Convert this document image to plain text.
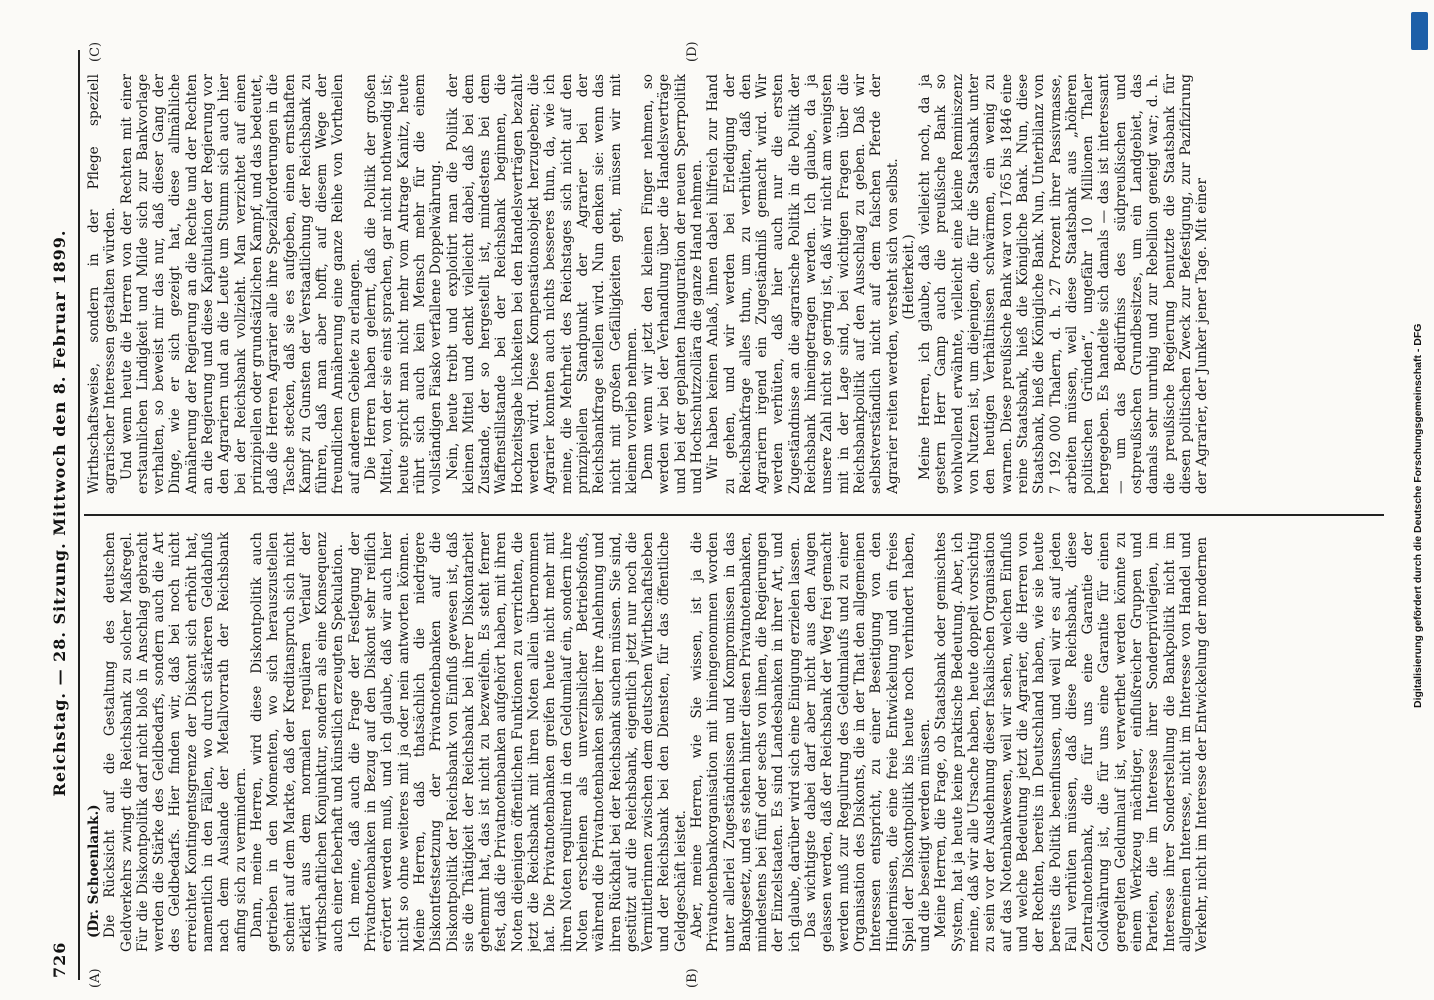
726
Reichstag. — 28. Sitzung. Mittwoch den 8. Februar 1899.
(A)	(B)
(C)	(D)

(Dr. Schoenlank.) Die Rücksicht auf die Gestaltung des deutschen Geldverkehrs zwingt die Reichsbank zu solcher Maßregel. Für die Diskontpolitik darf nicht bloß in Anschlag gebracht werden die Stärke des Geldbedarfs, sondern auch die Art des Geldbedarfs. Hier finden wir, daß bei noch nicht erreichter Kontingentsgrenze der Diskont sich erhöht hat, namentlich in den Fällen, wo durch stärkeren Geldabfluß nach dem Auslande der Metallvorrath der Reichsbank anfing sich zu vermindern. Dann, meine Herren, wird diese Diskontpolitik auch getrieben in den Momenten, wo sich herauszustellen scheint auf dem Markte, daß der Kreditanspruch sich nicht erklärt aus dem normalen regulären Verlauf der wirthschaftlichen Konjunktur, sondern als eine Konsequenz auch einer fieberhaft und künstlich erzeugten Spekulation. Ich meine, daß auch die Frage der Festlegung der Privatnotenbanken in Bezug auf den Diskont sehr reiflich erörtert werden muß, und ich glaube, daß wir auch hier nicht so ohne weiteres mit ja oder nein antworten können. Meine Herren, daß thatsächlich die niedrigere Diskontfestsetzung der Privatnotenbanken auf die Diskontpolitik der Reichsbank von Einfluß gewesen ist, daß sie die Thätigkeit der Reichsbank bei ihrer Diskontarbeit gehemmt hat, das ist nicht zu bezweifeln. Es steht ferner fest, daß die Privatnotenbanken aufgehört haben, mit ihren Noten diejenigen öffentlichen Funktionen zu verrichten, die jetzt die Reichsbank mit ihren Noten allein übernommen hat. Die Privatnotenbanken greifen heute nicht mehr mit ihren Noten regulirend in den Geldumlauf ein, sondern ihre Noten erscheinen als unverzinslicher Betriebsfonds, während die Privatnotenbanken selber ihre Anlehnung und ihren Rückhalt bei der Reichsbank suchen müssen. Sie sind, gestützt auf die Reichsbank, eigentlich jetzt nur noch die Vermittlerinnen zwischen dem deutschen Wirthschaftsleben und der Reichsbank bei den Diensten, für das öffentliche Geldgeschäft leistet. Aber, meine Herren, wie Sie wissen, ist ja die Privatnotenbankorganisation mit hineingenommen worden unter allerlei Zugeständnissen und Kompromissen in das Bankgesetz, und es stehen hinter diesen Privatnotenbanken, mindestens bei fünf oder sechs von ihnen, die Regierungen der Einzelstaaten. Es sind Landesbanken in ihrer Art, und ich glaube, darüber wird sich eine Einigung erzielen lassen. Das wichtigste dabei darf aber nicht aus den Augen gelassen werden, daß der Reichsbank der Weg frei gemacht werden muß zur Regulirung des Geldumlaufs und zu einer Organisation des Diskonts, die in der That den allgemeinen Interessen entspricht, zu einer Beseitigung von den Hindernissen, die eine freie Entwickelung und ein freies Spiel der Diskontpolitik bis heute noch verhindert haben, und die beseitigt werden müssen. Meine Herren, die Frage, ob Staatsbank oder gemischtes System, hat ja heute keine praktische Bedeutung. Aber, ich meine, daß wir alle Ursache haben, heute doppelt vorsichtig zu sein vor der Ausdehnung dieser fiskalischen Organisation auf das Notenbankwesen, weil wir sehen, welchen Einfluß und welche Bedeutung jetzt die Agrarier, die Herren von der Rechten, bereits in Deutschland haben, wie sie heute bereits die Politik beeinflussen, und weil wir es auf jeden Fall verhüten müssen, daß diese Reichsbank, diese Zentralnotenbank, die für uns eine Garantie der Goldwährung ist, die für uns eine Garantie für einen geregelten Geldumlauf ist, verwerthet werden könnte zu einem Werkzeug mächtiger, einflußreicher Gruppen und Parteien, die im Interesse ihrer Sonderprivilegien, im Interesse ihrer Sonderstellung die Bankpolitik nicht im allgemeinen Interesse, nicht im Interesse von Handel und Verkehr, nicht im Interesse der Entwickelung der modernen

Wirthschaftsweise, sondern in der Pflege speziell agrarischer Interessen gestalten würden. Und wenn heute die Herren von der Rechten mit einer erstaunlichen Lindigkeit und Milde sich zur Bankvorlage verhalten, so beweist mir das nur, daß dieser Gang der Dinge, wie er sich gezeigt hat, diese allmähliche Annäherung der Regierung an die Rechte und der Rechten an die Regierung und diese Kapitulation der Regierung vor den Agrariern und an die Leute um Stumm sich auch hier bei der Reichsbank vollzieht. Man verzichtet auf einen prinzipiellen oder grundsätzlichen Kampf, und das bedeutet, daß die Herren Agrarier alle ihre Spezialforderungen in die Tasche stecken, daß sie es aufgeben, einen ernsthaften Kampf zu Gunsten der Verstaatlichung der Reichsbank zu führen, daß man aber hofft, auf diesem Wege der freundlichen Annäherung eine ganze Reihe von Vortheilen auf anderem Gebiete zu erlangen. Die Herren haben gelernt, daß die Politik der großen Mittel, von der sie einst sprachen, gar nicht nothwendig ist; heute spricht man nicht mehr vom Antrage Kanitz, heute rührt sich auch kein Mensch mehr für die einem vollständigen Fiasko verfallene Doppelwährung. Nein, heute treibt und exploitirt man die Politik der kleinen Mittel und denkt vielleicht dabei, daß bei dem Zustande, der so hergestellt ist, mindestens bei dem Waffenstillstande bei der Reichsbank beginnen, die Hochzeitsgabe lichkeiten bei den Handelsverträgen bezahlt werden wird. Diese Kompensationsobjekt herzugeben; die Agrarier konnten auch nichts besseres thun, da, wie ich meine, die Mehrheit des Reichstages sich nicht auf den prinzipiellen Standpunkt der Agrarier bei der Reichsbankfrage stellen wird. Nun denken sie: wenn das nicht mit großen Gefälligkeiten geht, müssen wir mit kleinen vorlieb nehmen. Denn wenn wir jetzt den kleinen Finger nehmen, so werden wir bei der Verhandlung über die Handelsverträge und bei der geplanten Inauguration der neuen Sperrpolitik und Hochschutzzollära die ganze Hand nehmen. Wir haben keinen Anlaß, ihnen dabei hilfreich zur Hand zu gehen, und wir werden bei Erledigung der Reichsbankfrage alles thun, um zu verhüten, daß den Agrariern irgend ein Zugeständniß gemacht wird. Wir werden verhüten, daß hier auch nur die ersten Zugeständnisse an die agrarische Politik in die Politik der Reichsbank hineingetragen werden. Ich glaube, da ja unsere Zahl nicht so gering ist, daß wir nicht am wenigsten mit in der Lage sind, bei wichtigen Fragen über die Reichsbankpolitik auf den Ausschlag zu geben. Daß wir selbstverständlich nicht auf dem falschen Pferde der Agrarier reiten werden, versteht sich von selbst. (Heiterkeit.) Meine Herren, ich glaube, daß vielleicht noch, da ja gestern Herr Gamp auch die preußische Bank so wohlwollend erwähnte, vielleicht eine kleine Reminiszenz von Nutzen ist, um diejenigen, die für die Staatsbank unter den heutigen Verhältnissen schwärmen, ein wenig zu warnen. Diese preußische Bank war von 1765 bis 1846 eine reine Staatsbank, hieß die Königliche Bank. Nun, diese Staatsbank, hieß die Königliche Bank. Nun, Unterbilanz von 7 192 000 Thalern, d. h. 27 Prozent ihrer Passivmasse, arbeiten müssen, weil diese Staatsbank aus „höheren politischen Gründen“, ungefähr 10 Millionen Thaler hergegeben. Es handelte sich damals — das ist interessant — um das Bedürfniss des südpreußischen und ostpreußischen Grundbesitzes, um ein Landgebiet, das damals sehr unruhig und zur Rebellion geneigt war; d. h. die preußische Regierung benutzte die Staatsbank für diesen politischen Zweck zur Befestigung, zur Pazifizirung der Agrarier, der Junker jener Tage. Mit einer	Digitalisierung gefördert durch die Deutsche Forschungsgemeinschaft - DFG
